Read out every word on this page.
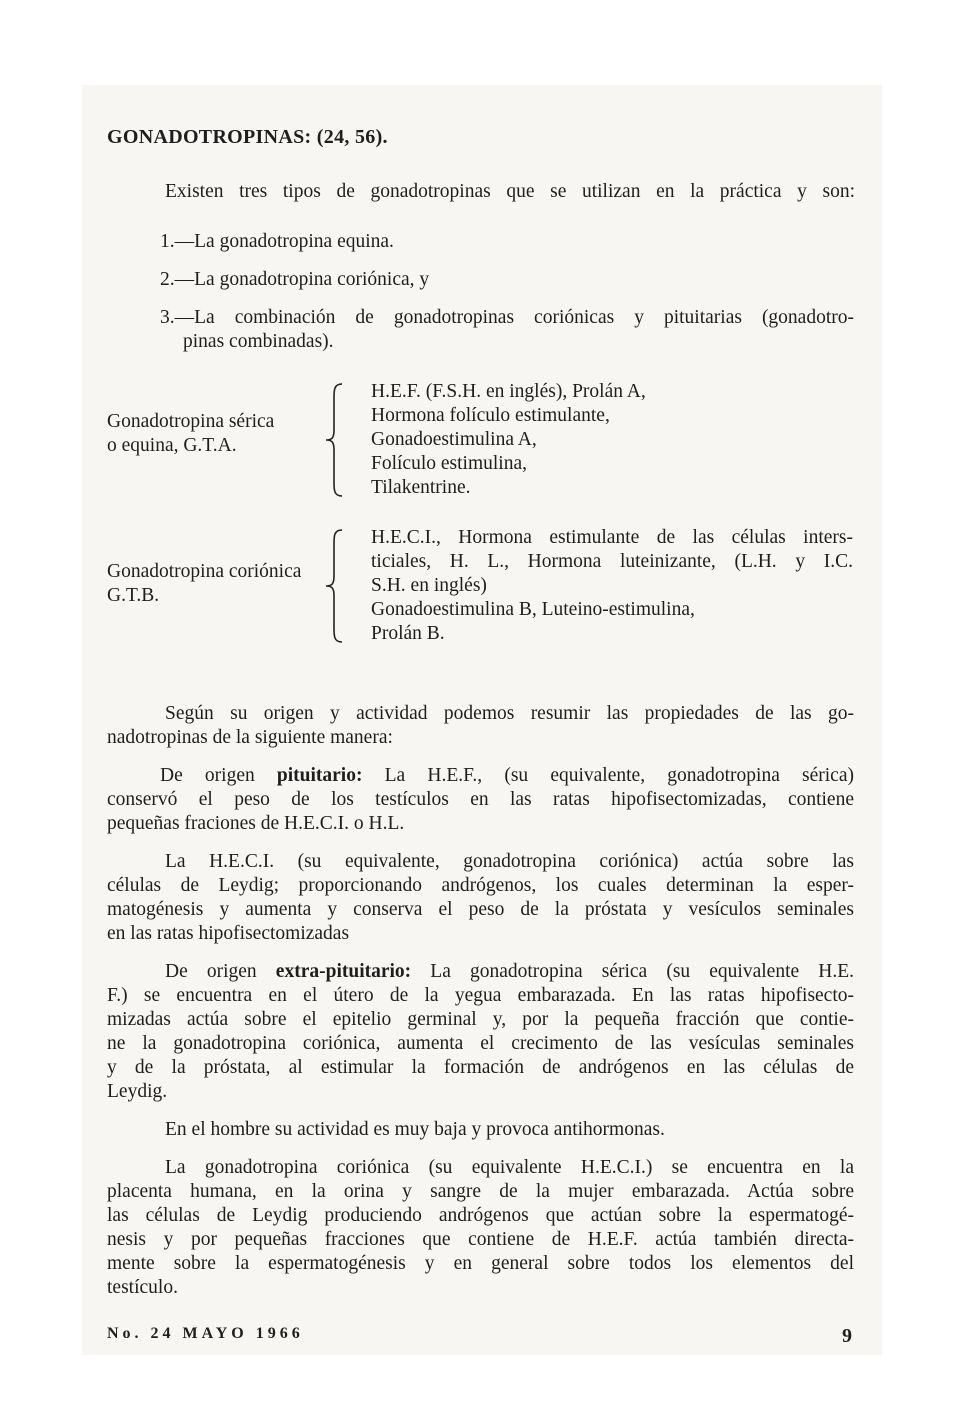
GONADOTROPINAS: (24, 56).
Existen tres tipos de gonadotropinas que se utilizan en la práctica y son:
1.—La gonadotropina equina.
2.—La gonadotropina coriónica, y
3.—La combinación de gonadotropinas coriónicas y pituitarias (gonadotro-
pinas combinadas).
Gonadotropina sérica
o equina, G.T.A.
H.E.F. (F.S.H. en inglés), Prolán A,
Hormona folículo estimulante,
Gonadoestimulina A,
Folículo estimulina,
Tilakentrine.
Gonadotropina coriónica
G.T.B.
H.E.C.I., Hormona estimulante de las células inters-
ticiales, H. L., Hormona luteinizante, (L.H. y I.C.
S.H. en inglés)
Gonadoestimulina B, Luteino-estimulina,
Prolán B.
Según su origen y actividad podemos resumir las propiedades de las go-
nadotropinas de la siguiente manera:
De origen pituitario: La H.E.F., (su equivalente, gonadotropina sérica)
conservó el peso de los testículos en las ratas hipofisectomizadas, contiene
pequeñas fraciones de H.E.C.I. o H.L.
La H.E.C.I. (su equivalente, gonadotropina coriónica) actúa sobre las
células de Leydig; proporcionando andrógenos, los cuales determinan la esper-
matogénesis y aumenta y conserva el peso de la próstata y vesículos seminales
en las ratas hipofisectomizadas
De origen extra-pituitario: La gonadotropina sérica (su equivalente H.E.
F.) se encuentra en el útero de la yegua embarazada. En las ratas hipofisecto-
mizadas actúa sobre el epitelio germinal y, por la pequeña fracción que contie-
ne la gonadotropina coriónica, aumenta el crecimento de las vesículas seminales
y de la próstata, al estimular la formación de andrógenos en las células de
Leydig.
En el hombre su actividad es muy baja y provoca antihormonas.
La gonadotropina coriónica (su equivalente H.E.C.I.) se encuentra en la
placenta humana, en la orina y sangre de la mujer embarazada. Actúa sobre
las células de Leydig produciendo andrógenos que actúan sobre la espermatogé-
nesis y por pequeñas fracciones que contiene de H.E.F. actúa también directa-
mente sobre la espermatogénesis y en general sobre todos los elementos del
testículo.
No. 24 MAYO 1966	9
